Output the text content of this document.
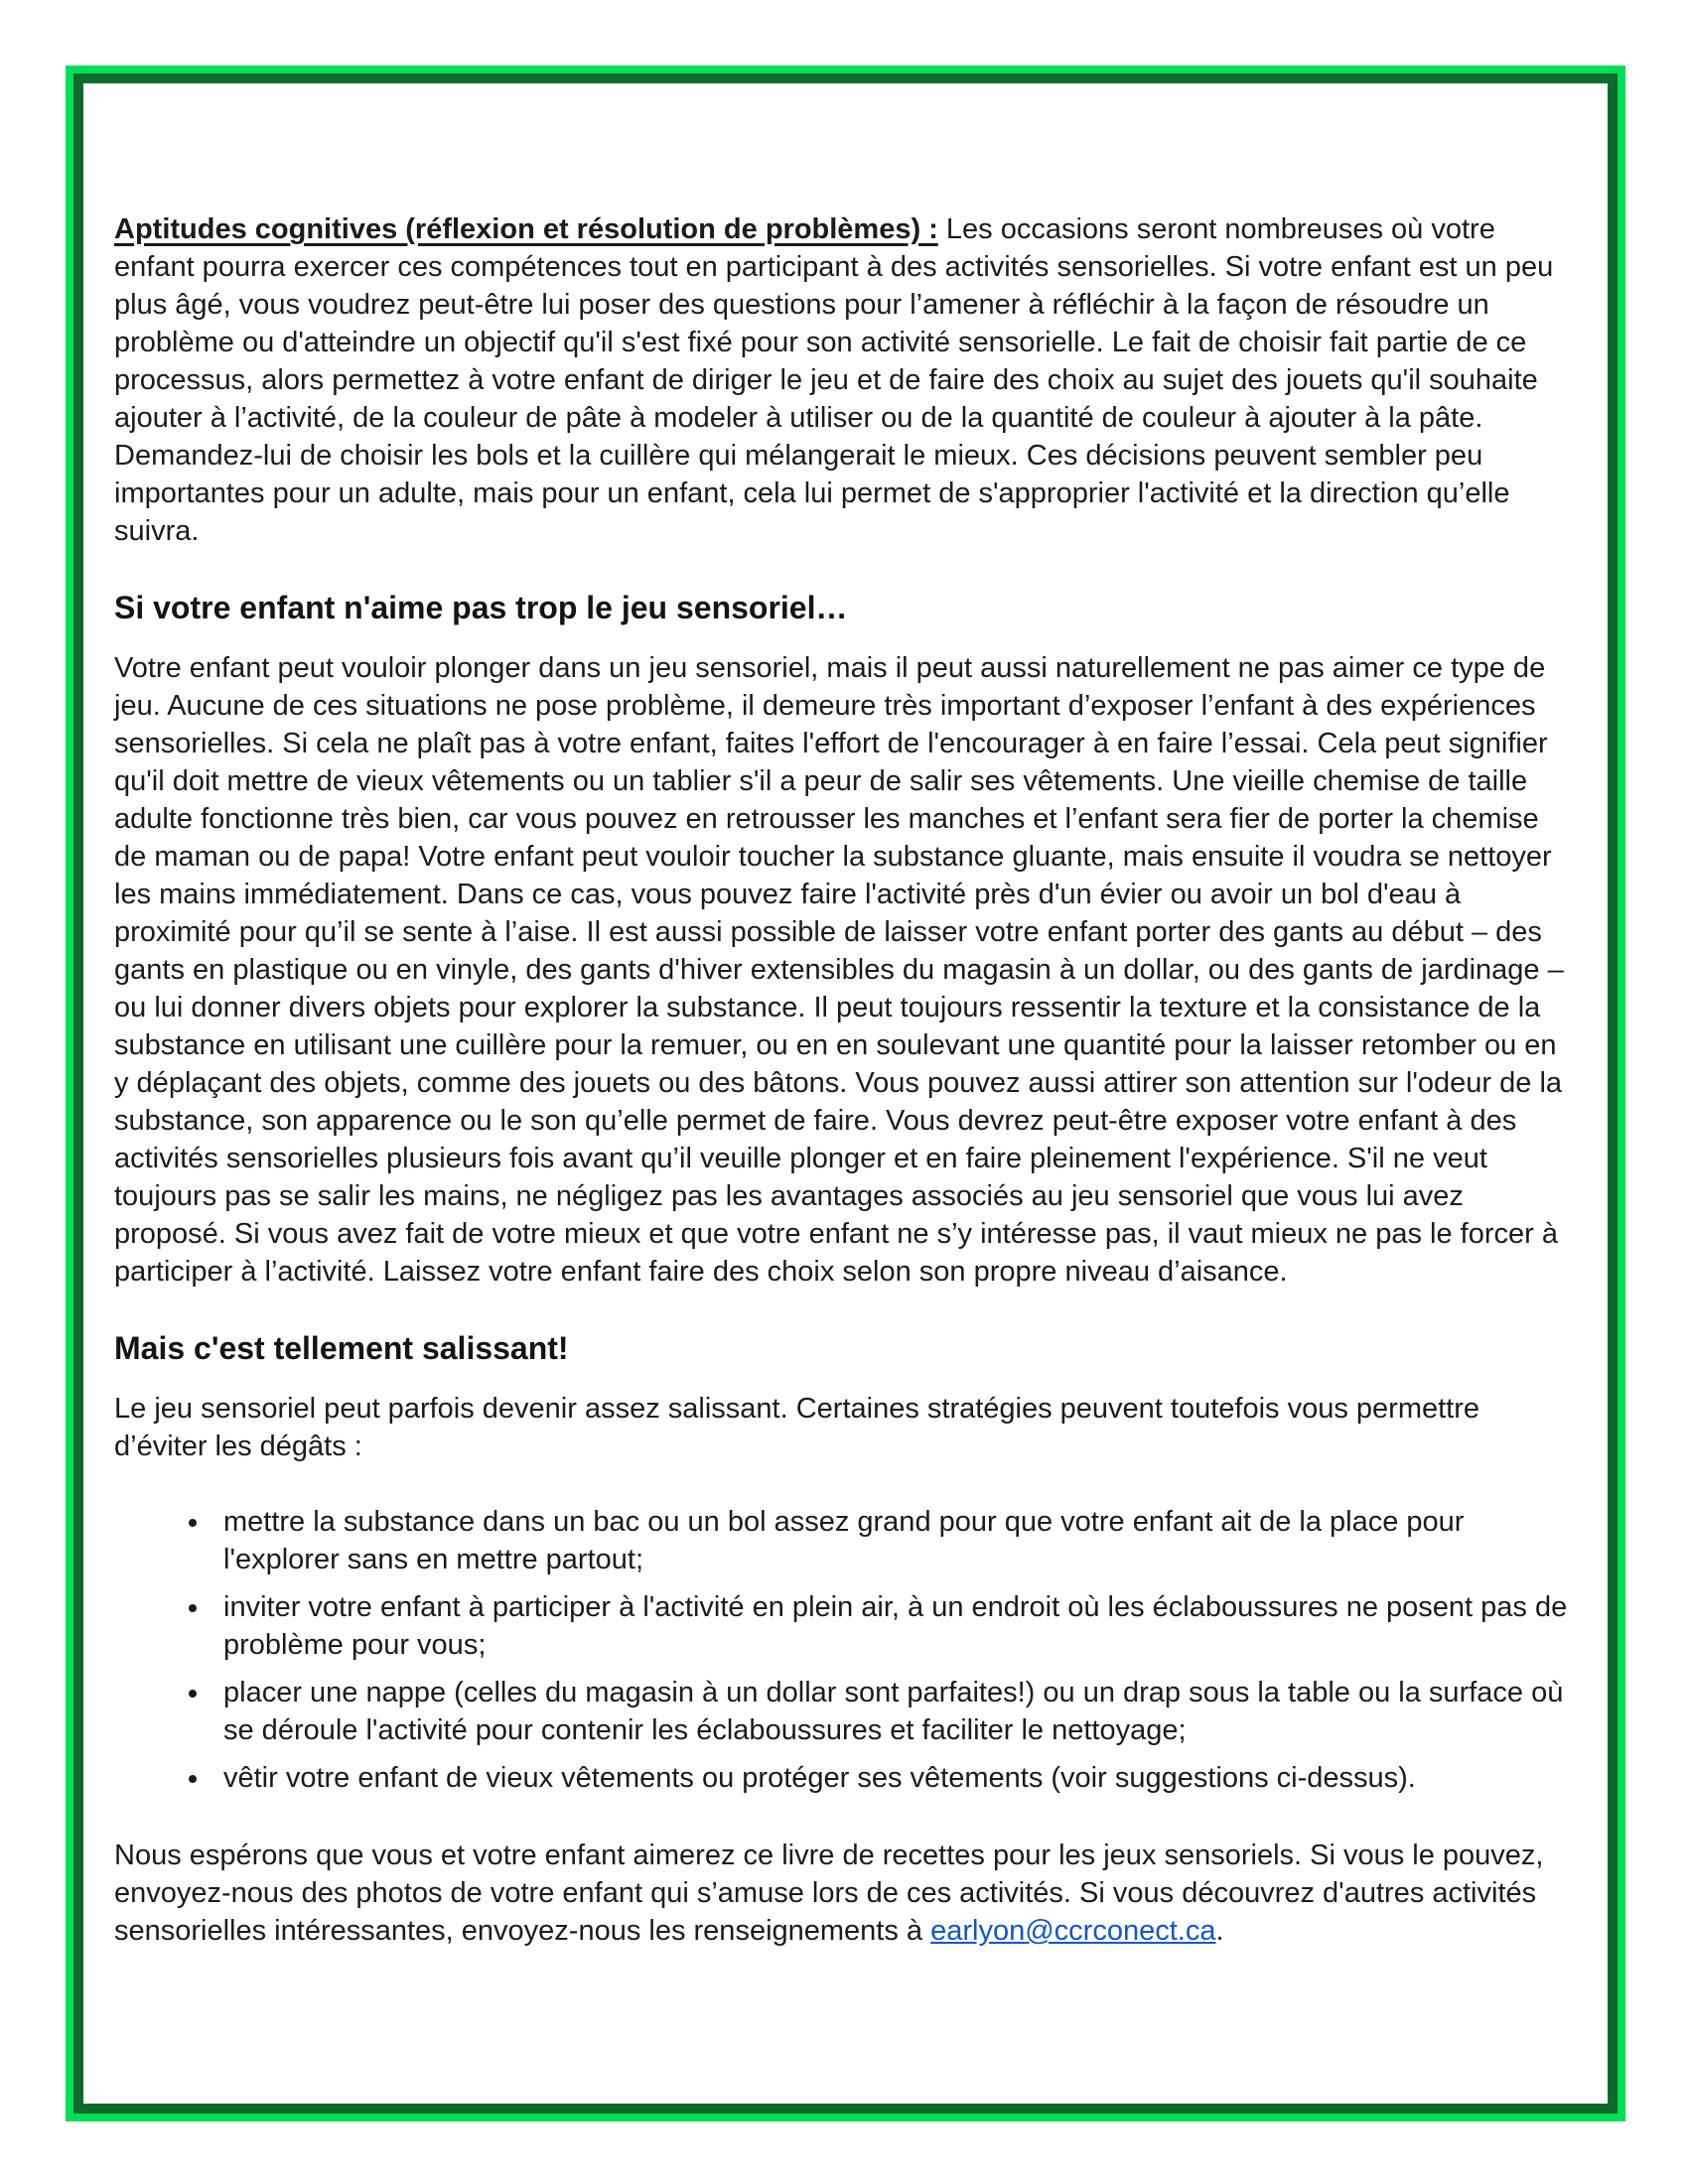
Aptitudes cognitives (réflexion et résolution de problèmes) : Les occasions seront nombreuses où votre enfant pourra exercer ces compétences tout en participant à des activités sensorielles. Si votre enfant est un peu plus âgé, vous voudrez peut-être lui poser des questions pour l’amener à réfléchir à la façon de résoudre un problème ou d'atteindre un objectif qu'il s'est fixé pour son activité sensorielle. Le fait de choisir fait partie de ce processus, alors permettez à votre enfant de diriger le jeu et de faire des choix au sujet des jouets qu'il souhaite ajouter à l’activité, de la couleur de pâte à modeler à utiliser ou de la quantité de couleur à ajouter à la pâte. Demandez-lui de choisir les bols et la cuillère qui mélangerait le mieux. Ces décisions peuvent sembler peu importantes pour un adulte, mais pour un enfant, cela lui permet de s'approprier l'activité et la direction qu’elle suivra.

Si votre enfant n'aime pas trop le jeu sensoriel…

Votre enfant peut vouloir plonger dans un jeu sensoriel, mais il peut aussi naturellement ne pas aimer ce type de jeu. Aucune de ces situations ne pose problème, il demeure très important d’exposer l’enfant à des expériences sensorielles. Si cela ne plaît pas à votre enfant, faites l'effort de l'encourager à en faire l’essai. Cela peut signifier qu'il doit mettre de vieux vêtements ou un tablier s'il a peur de salir ses vêtements. Une vieille chemise de taille adulte fonctionne très bien, car vous pouvez en retrousser les manches et l’enfant sera fier de porter la chemise de maman ou de papa! Votre enfant peut vouloir toucher la substance gluante, mais ensuite il voudra se nettoyer les mains immédiatement. Dans ce cas, vous pouvez faire l'activité près d'un évier ou avoir un bol d'eau à proximité pour qu’il se sente à l’aise. Il est aussi possible de laisser votre enfant porter des gants au début – des gants en plastique ou en vinyle, des gants d'hiver extensibles du magasin à un dollar, ou des gants de jardinage – ou lui donner divers objets pour explorer la substance. Il peut toujours ressentir la texture et la consistance de la substance en utilisant une cuillère pour la remuer, ou en en soulevant une quantité pour la laisser retomber ou en y déplaçant des objets, comme des jouets ou des bâtons. Vous pouvez aussi attirer son attention sur l'odeur de la substance, son apparence ou le son qu’elle permet de faire. Vous devrez peut-être exposer votre enfant à des activités sensorielles plusieurs fois avant qu’il veuille plonger et en faire pleinement l'expérience. S'il ne veut toujours pas se salir les mains, ne négligez pas les avantages associés au jeu sensoriel que vous lui avez proposé. Si vous avez fait de votre mieux et que votre enfant ne s’y intéresse pas, il vaut mieux ne pas le forcer à participer à l’activité. Laissez votre enfant faire des choix selon son propre niveau d’aisance.

Mais c'est tellement salissant!

Le jeu sensoriel peut parfois devenir assez salissant. Certaines stratégies peuvent toutefois vous permettre d’éviter les dégâts :

• mettre la substance dans un bac ou un bol assez grand pour que votre enfant ait de la place pour l'explorer sans en mettre partout;
• inviter votre enfant à participer à l'activité en plein air, à un endroit où les éclaboussures ne posent pas de problème pour vous;
• placer une nappe (celles du magasin à un dollar sont parfaites!) ou un drap sous la table ou la surface où se déroule l'activité pour contenir les éclaboussures et faciliter le nettoyage;
• vêtir votre enfant de vieux vêtements ou protéger ses vêtements (voir suggestions ci-dessus).

Nous espérons que vous et votre enfant aimerez ce livre de recettes pour les jeux sensoriels. Si vous le pouvez, envoyez-nous des photos de votre enfant qui s’amuse lors de ces activités. Si vous découvrez d'autres activités sensorielles intéressantes, envoyez-nous les renseignements à earlyon@ccrconect.ca.
